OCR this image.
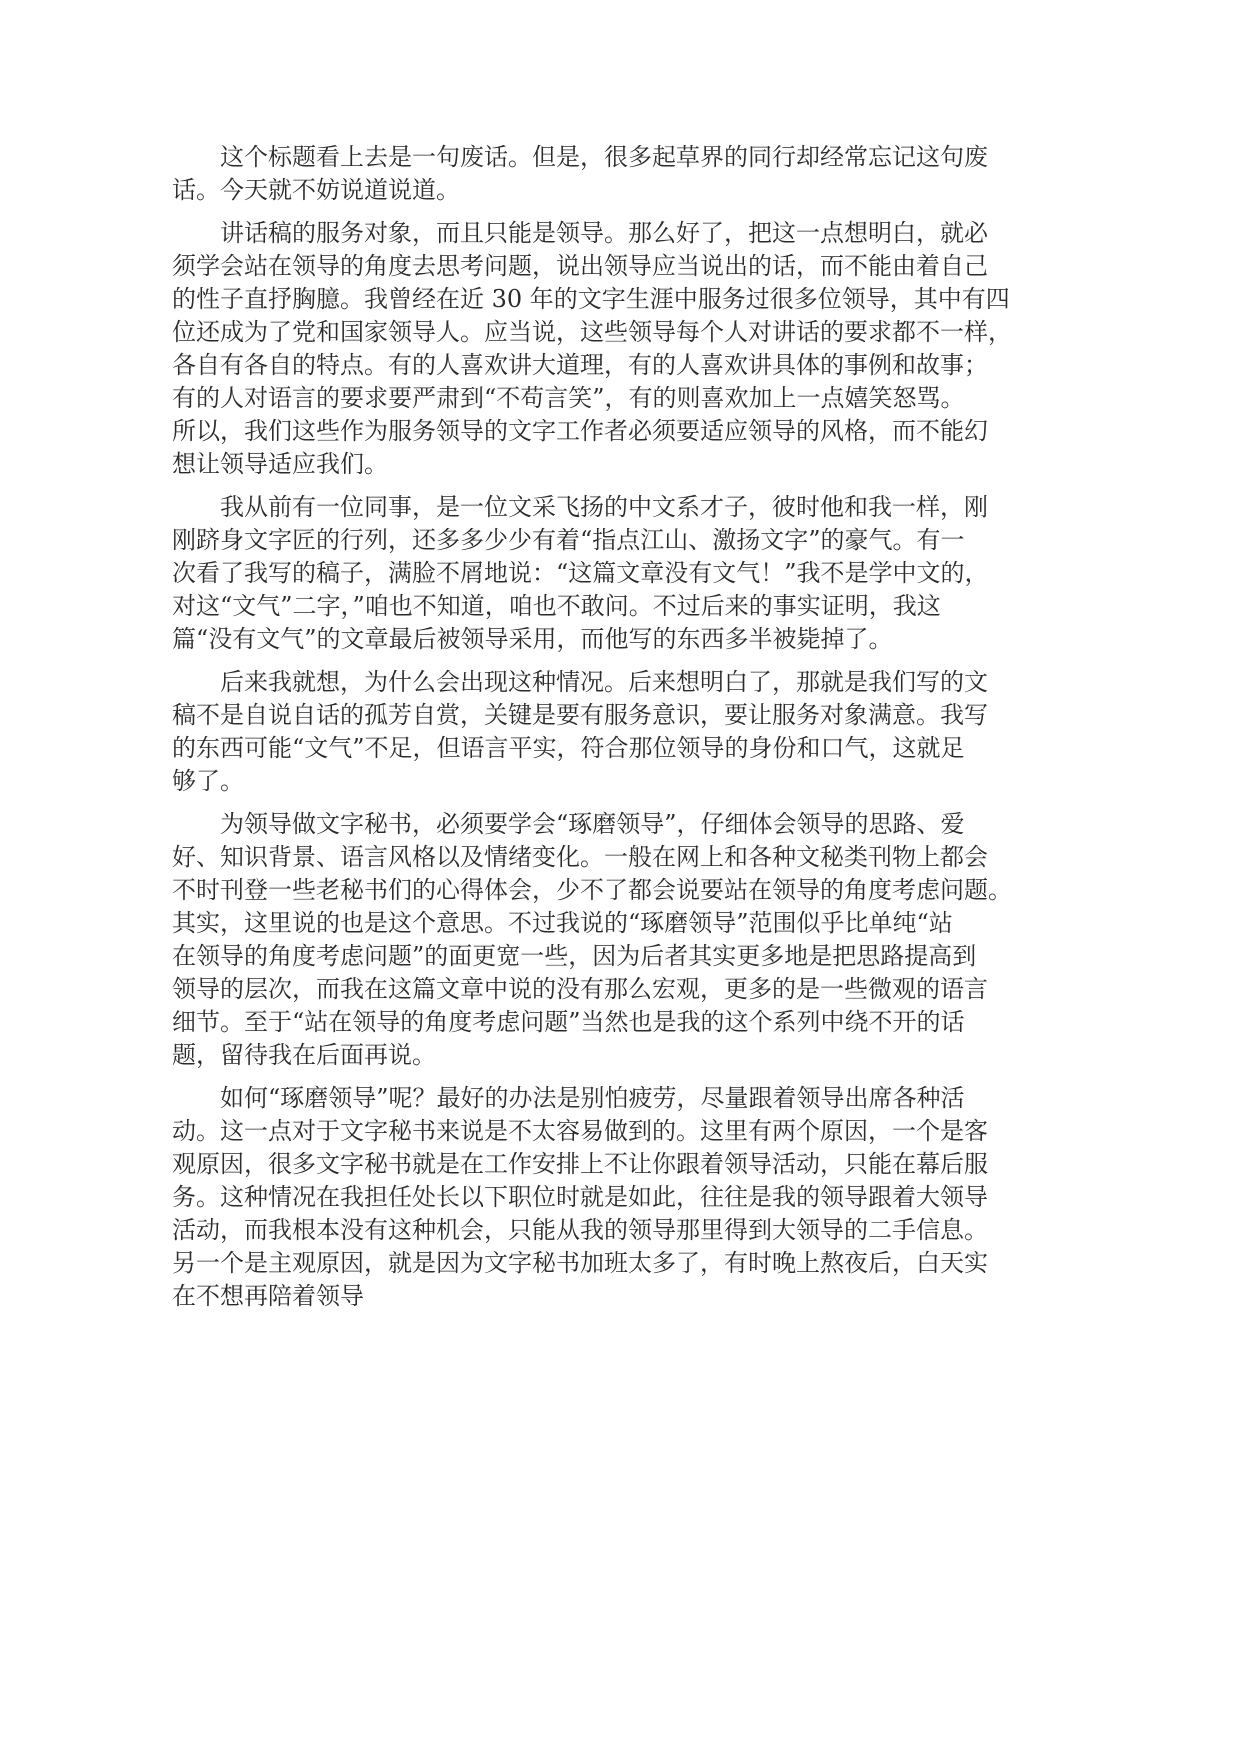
这个标题看上去是一句废话。但是，很多起草界的同行却经常忘记这句废
话。今天就不妨说道说道。
讲话稿的服务对象，而且只能是领导。那么好了，把这一点想明白，就必
须学会站在领导的角度去思考问题，说出领导应当说出的话，而不能由着自己
的性子直抒胸臆。我曾经在近 30 年的文字生涯中服务过很多位领导，其中有四
位还成为了党和国家领导人。应当说，这些领导每个人对讲话的要求都不一样，
各自有各自的特点。有的人喜欢讲大道理，有的人喜欢讲具体的事例和故事；
有的人对语言的要求要严肃到“不苟言笑”，有的则喜欢加上一点嬉笑怒骂。
所以，我们这些作为服务领导的文字工作者必须要适应领导的风格，而不能幻
想让领导适应我们。
我从前有一位同事，是一位文采飞扬的中文系才子，彼时他和我一样，刚
刚跻身文字匠的行列，还多多少少有着“指点江山、激扬文字”的豪气。有一
次看了我写的稿子，满脸不屑地说：“这篇文章没有文气！”我不是学中文的，
对这“文气”二字，”咱也不知道，咱也不敢问。不过后来的事实证明，我这
篇“没有文气”的文章最后被领导采用，而他写的东西多半被毙掉了。
后来我就想，为什么会出现这种情况。后来想明白了，那就是我们写的文
稿不是自说自话的孤芳自赏，关键是要有服务意识，要让服务对象满意。我写
的东西可能“文气”不足，但语言平实，符合那位领导的身份和口气，这就足
够了。
为领导做文字秘书，必须要学会“琢磨领导”，仔细体会领导的思路、爱
好、知识背景、语言风格以及情绪变化。一般在网上和各种文秘类刊物上都会
不时刊登一些老秘书们的心得体会，少不了都会说要站在领导的角度考虑问题。
其实，这里说的也是这个意思。不过我说的“琢磨领导”范围似乎比单纯“站
在领导的角度考虑问题”的面更宽一些，因为后者其实更多地是把思路提高到
领导的层次，而我在这篇文章中说的没有那么宏观，更多的是一些微观的语言
细节。至于“站在领导的角度考虑问题”当然也是我的这个系列中绕不开的话
题，留待我在后面再说。
如何“琢磨领导”呢？最好的办法是别怕疲劳，尽量跟着领导出席各种活
动。这一点对于文字秘书来说是不太容易做到的。这里有两个原因，一个是客
观原因，很多文字秘书就是在工作安排上不让你跟着领导活动，只能在幕后服
务。这种情况在我担任处长以下职位时就是如此，往往是我的领导跟着大领导
活动，而我根本没有这种机会，只能从我的领导那里得到大领导的二手信息。
另一个是主观原因，就是因为文字秘书加班太多了，有时晚上熬夜后，白天实
在不想再陪着领导
